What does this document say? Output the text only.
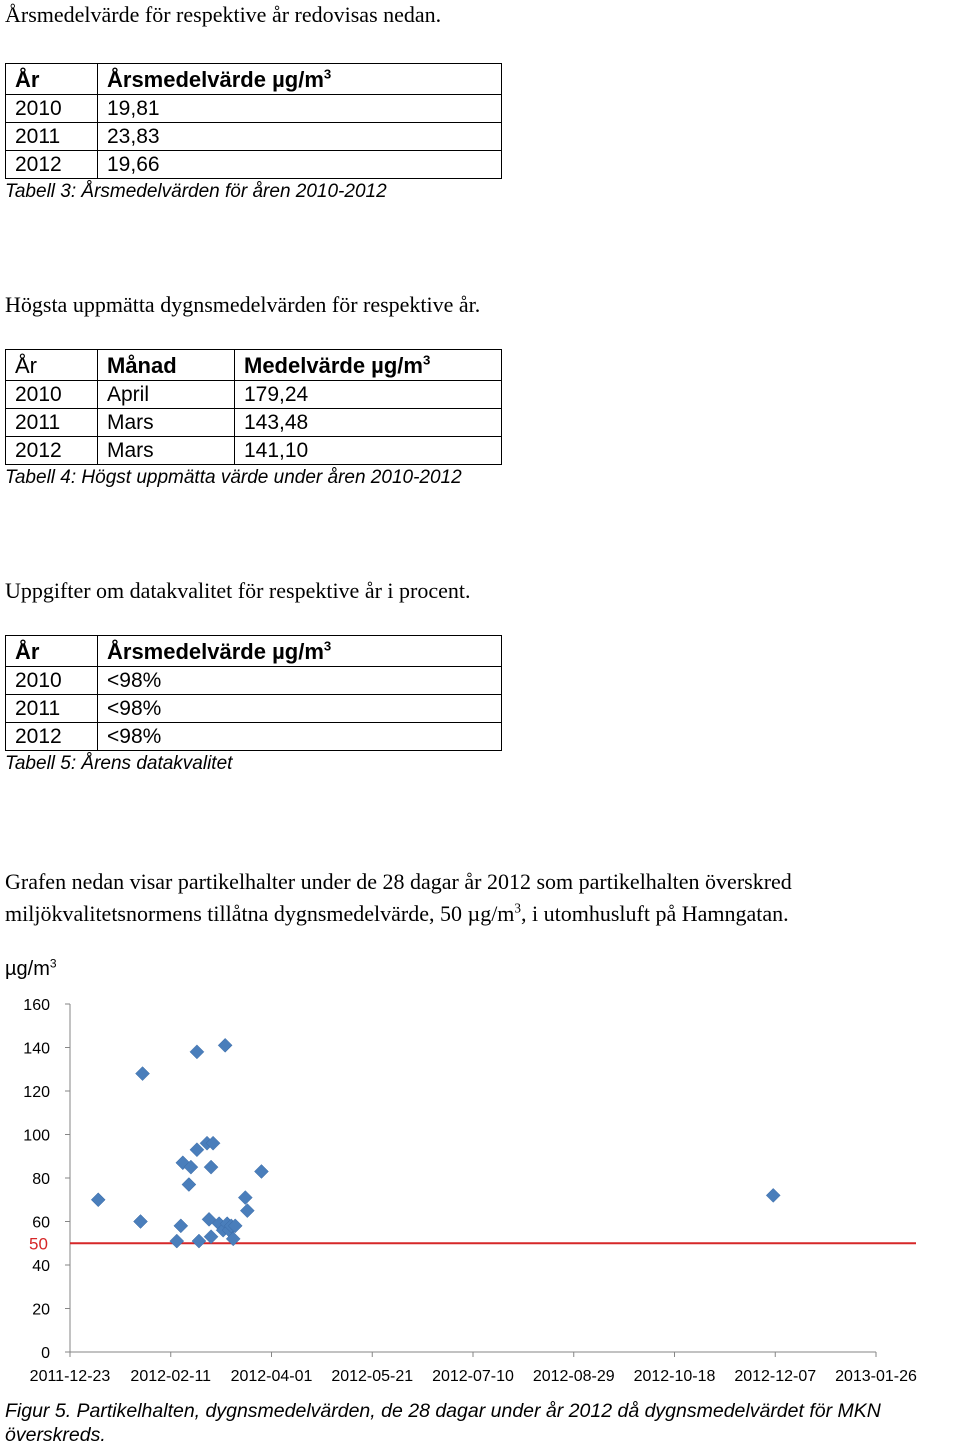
Årsmedelvärde för respektive år redovisas nedan.
År	Årsmedelvärde $\mu g/m^3$
2010	19,81
2011	23,83
2012	19,66
Tabell 3: Årsmedelvärden för åren 2010-2012
Högsta uppmätta dygnsmedelvärden för respektive år.
År	Månad	Medelvärde $\mu g/m^3$
2010	April	179,24
2011	Mars	143,48
2012	Mars	141,10
Tabell 4: Högst uppmätta värde under åren 2010-2012
Uppgifter om datakvalitet för respektive år i procent.
År	Årsmedelvärde $\mu g/m^3$
2010	<98%
2011	<98%
2012	<98%
Tabell 5: Årens datakvalitet
Grafen nedan visar partikelhalter under de 28 dagar år 2012 som partikelhalten överskred
miljökvalitetsnormens tillåtna dygnsmedelvärde, 50 $\mu g/m^3$, i utomhusluft på Hamngatan.
$\mu g/m^3$
0
20
40
60
80
100
120
140
160
2011-12-23 2012-02-11 2012-04-01 2012-05-21 2012-07-10 2012-08-29 2012-10-18 2012-12-07 2013-01-26
50
Figur 5. Partikelhalten, dygnsmedelvärden, de 28 dagar under år 2012 då dygnsmedelvärdet för MKN
överskreds.
